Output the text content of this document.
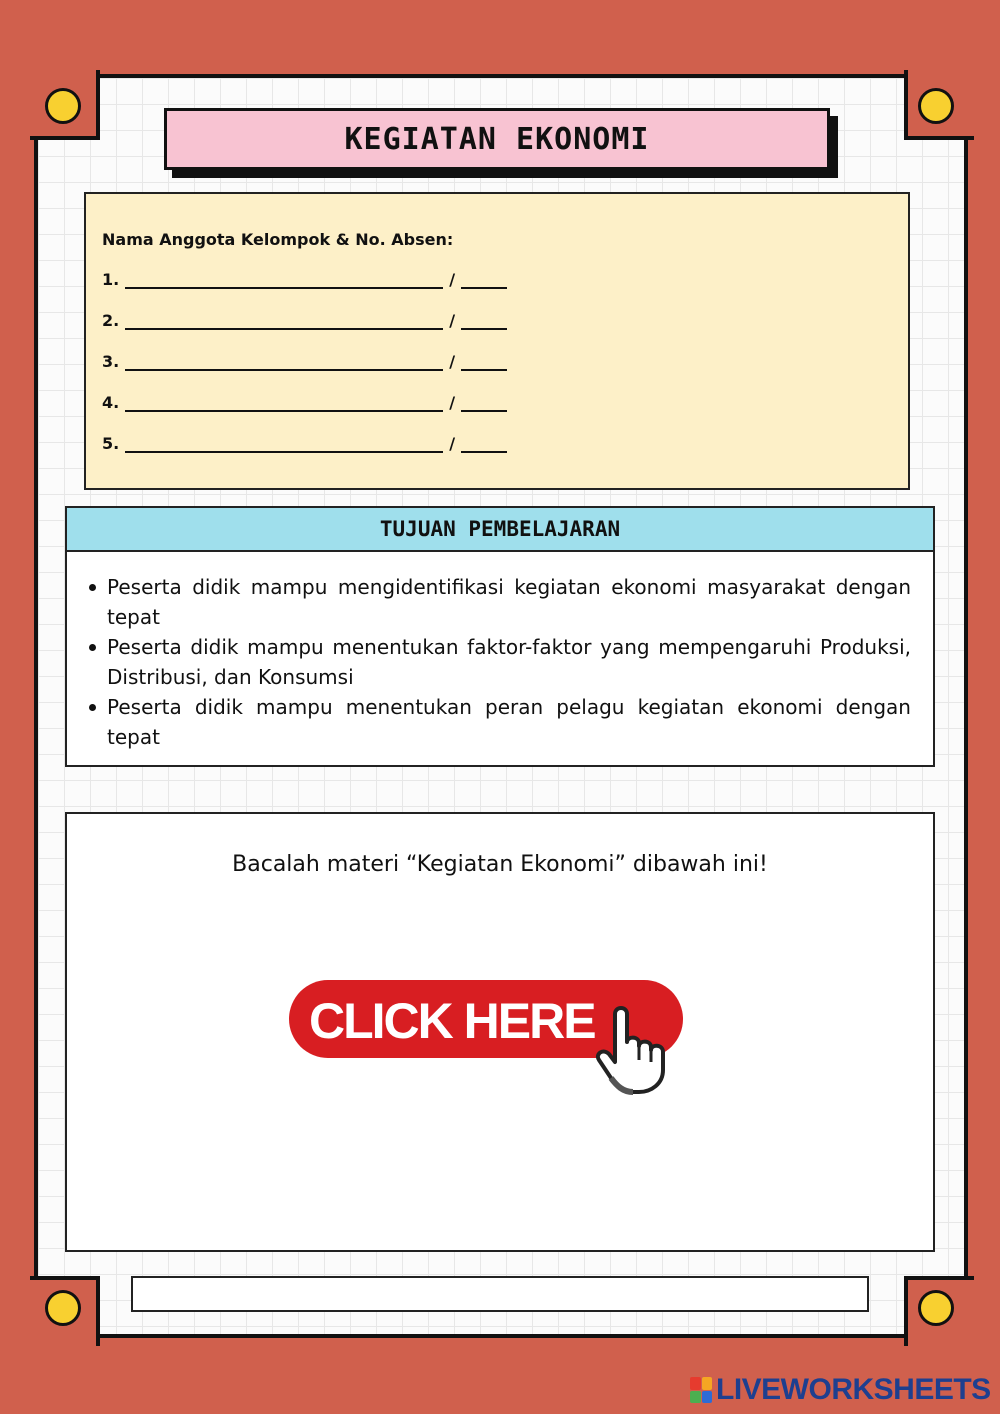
KEGIATAN EKONOMI
Nama Anggota Kelompok & No. Absen:
1.	/
2.	/
3.	/
4.	/
5.	/
TUJUAN PEMBELAJARAN
Peserta didik mampu mengidentifikasi kegiatan ekonomi masyarakat dengan tepat
Peserta didik mampu menentukan faktor-faktor yang mempengaruhi Produksi, Distribusi, dan Konsumsi
Peserta didik mampu menentukan peran pelagu kegiatan ekonomi dengan tepat
Bacalah materi “Kegiatan Ekonomi” dibawah ini!
CLICK HERE
LIVEWORKSHEETS
